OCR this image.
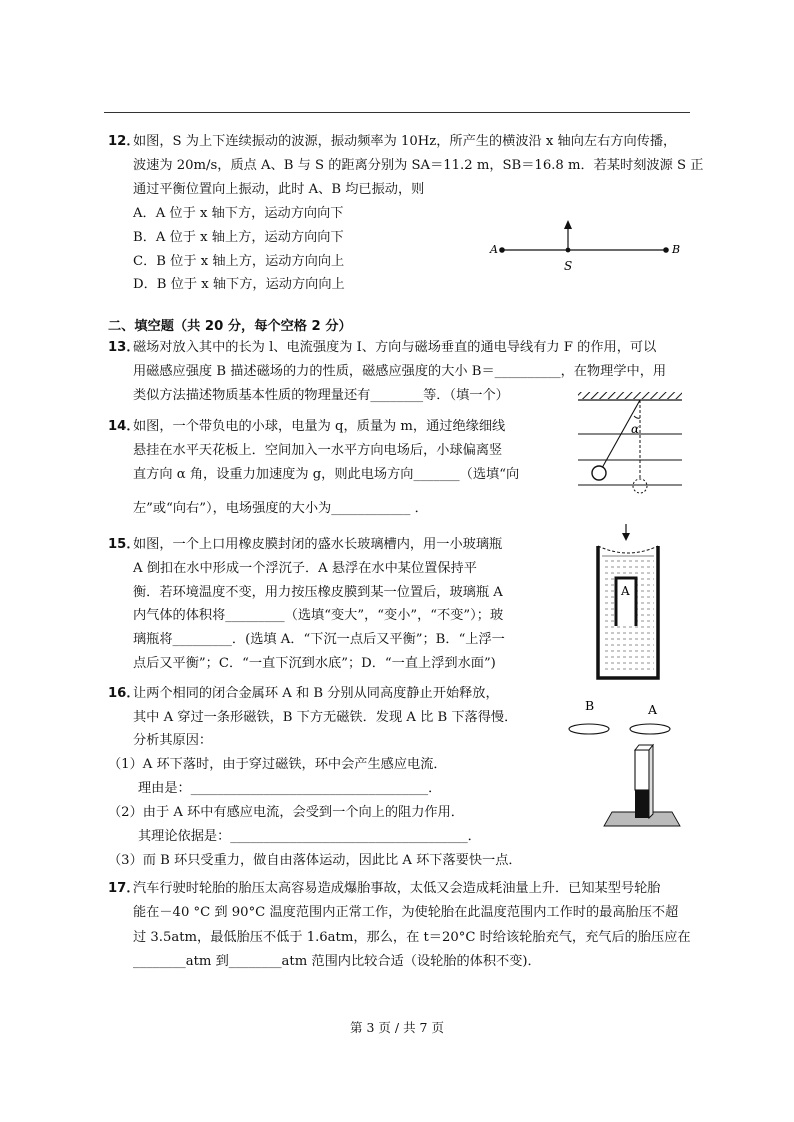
12．
如图，S 为上下连续振动的波源，振动频率为 10Hz，所产生的横波沿 x 轴向左右方向传播，
波速为 20m/s，质点 A、B 与 S 的距离分别为 SA＝11.2 m，SB＝16.8 m．若某时刻波源 S 正
通过平衡位置向上振动，此时 A、B 均已振动，则
A．A 位于 x 轴下方，运动方向向下
B．A 位于 x 轴上方，运动方向向下
C．B 位于 x 轴上方，运动方向向上
D．B 位于 x 轴下方，运动方向向上
A	B
S
二、填空题（共 20 分，每个空格 2 分）
13．
磁场对放入其中的长为 l、电流强度为 I、方向与磁场垂直的通电导线有力 F 的作用，可以
用磁感应强度 B 描述磁场的力的性质，磁感应强度的大小 B＝__________，在物理学中，用
类似方法描述物质基本性质的物理量还有________等．（填一个）
14．
如图，一个带负电的小球，电量为 q，质量为 m，通过绝缘细线
悬挂在水平天花板上．空间加入一水平方向电场后，小球偏离竖
直方向 α 角，设重力加速度为 g，则此电场方向_______（选填“向
左”或“向右”），电场强度的大小为____________ ．
α
15．
如图，一个上口用橡皮膜封闭的盛水长玻璃槽内，用一小玻璃瓶
A 倒扣在水中形成一个浮沉子．A 悬浮在水中某位置保持平
衡．若环境温度不变，用力按压橡皮膜到某一位置后，玻璃瓶 A
内气体的体积将_________（选填“变大”，“变小”，“不变”）；玻
璃瓶将_________．(选填 A．“下沉一点后又平衡”；B．“上浮一
点后又平衡”；C．“一直下沉到水底”；D．“一直上浮到水面”)
A
16．
让两个相同的闭合金属环 A 和 B 分别从同高度静止开始释放，
其中 A 穿过一条形磁铁，B 下方无磁铁．发现 A 比 B 下落得慢．
分析其原因：
（1）A 环下落时，由于穿过磁铁，环中会产生感应电流．
理由是：____________________________________．
（2）由于 A 环中有感应电流，会受到一个向上的阻力作用．
其理论依据是：____________________________________．
（3）而 B 环只受重力，做自由落体运动，因此比 A 环下落要快一点．
B	A
17．
汽车行驶时轮胎的胎压太高容易造成爆胎事故，太低又会造成耗油量上升．已知某型号轮胎
能在－40 °C 到 90°C 温度范围内正常工作，为使轮胎在此温度范围内工作时的最高胎压不超
过 3.5atm，最低胎压不低于 1.6atm，那么，在 t＝20°C 时给该轮胎充气，充气后的胎压应在
________atm 到________atm 范围内比较合适（设轮胎的体积不变)．
第 3 页 / 共 7 页
